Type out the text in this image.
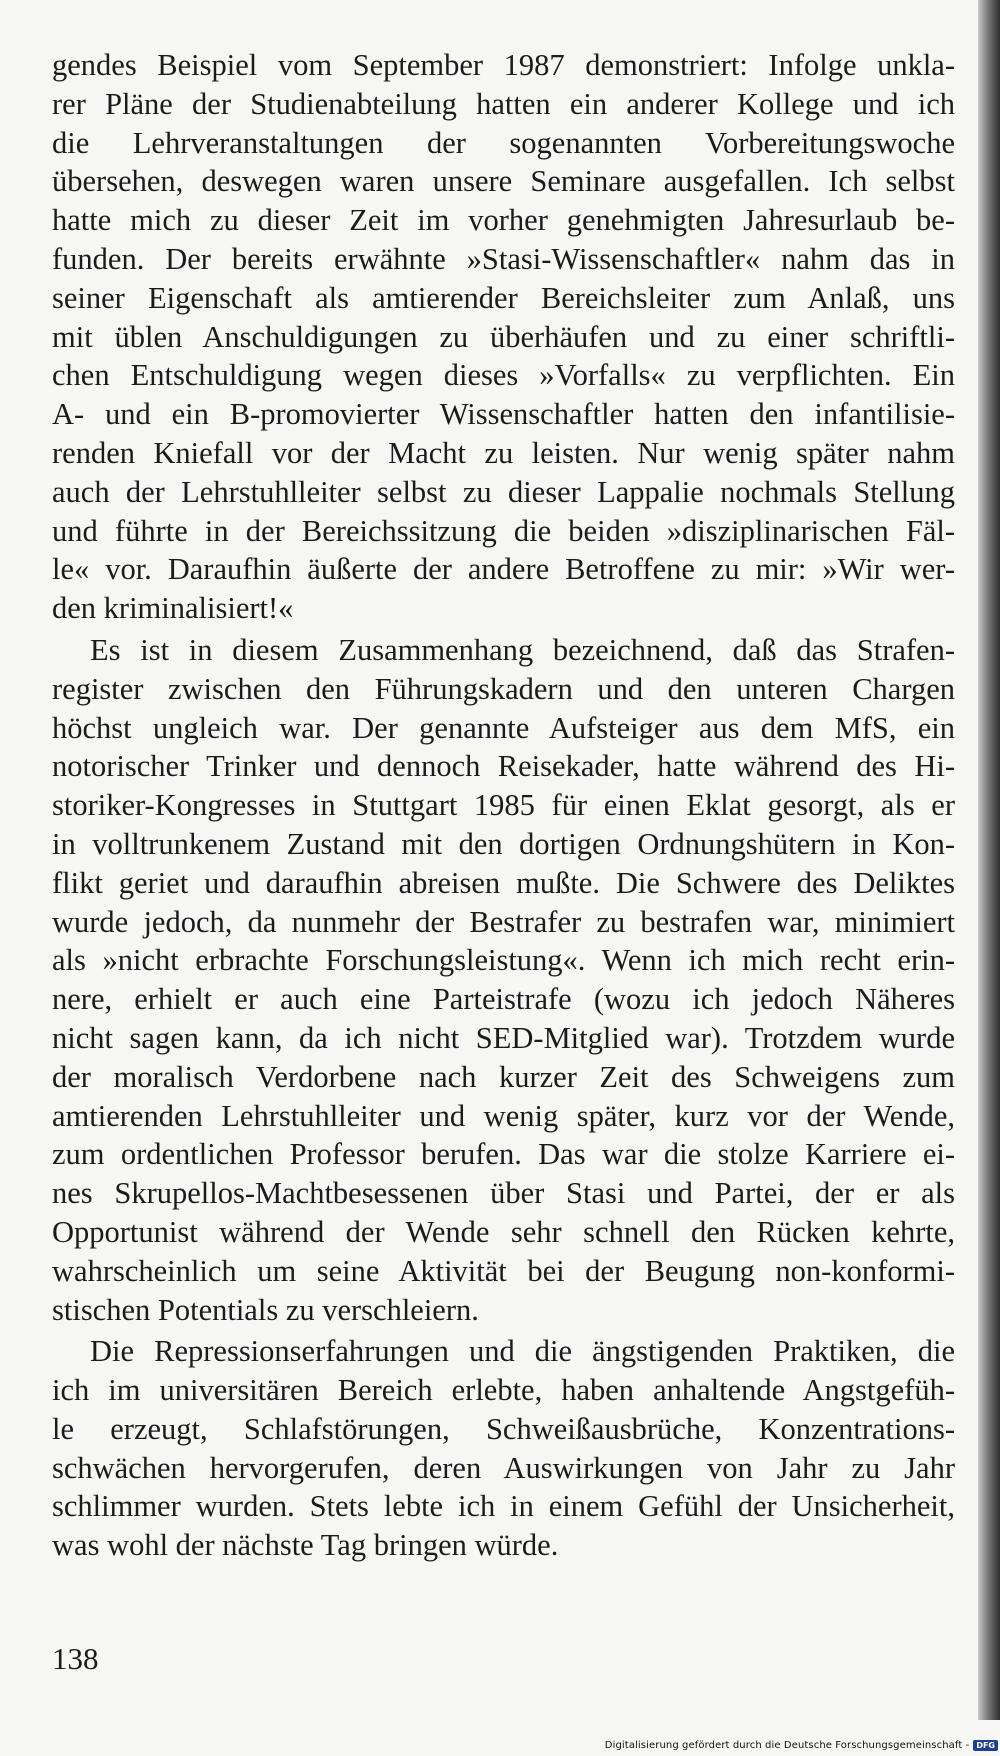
gendes Beispiel vom September 1987 demonstriert: Infolge unkla-
rer Pläne der Studienabteilung hatten ein anderer Kollege und ich
die Lehrveranstaltungen der sogenannten Vorbereitungswoche
übersehen, deswegen waren unsere Seminare ausgefallen. Ich selbst
hatte mich zu dieser Zeit im vorher genehmigten Jahresurlaub be-
funden. Der bereits erwähnte »Stasi-Wissenschaftler« nahm das in
seiner Eigenschaft als amtierender Bereichsleiter zum Anlaß, uns
mit üblen Anschuldigungen zu überhäufen und zu einer schriftli-
chen Entschuldigung wegen dieses »Vorfalls« zu verpflichten. Ein
A- und ein B-promovierter Wissenschaftler hatten den infantilisie-
renden Kniefall vor der Macht zu leisten. Nur wenig später nahm
auch der Lehrstuhlleiter selbst zu dieser Lappalie nochmals Stellung
und führte in der Bereichssitzung die beiden »disziplinarischen Fäl-
le« vor. Daraufhin äußerte der andere Betroffene zu mir: »Wir wer-
den kriminalisiert!«
Es ist in diesem Zusammenhang bezeichnend, daß das Strafen-
register zwischen den Führungskadern und den unteren Chargen
höchst ungleich war. Der genannte Aufsteiger aus dem MfS, ein
notorischer Trinker und dennoch Reisekader, hatte während des Hi-
storiker-Kongresses in Stuttgart 1985 für einen Eklat gesorgt, als er
in volltrunkenem Zustand mit den dortigen Ordnungshütern in Kon-
flikt geriet und daraufhin abreisen mußte. Die Schwere des Deliktes
wurde jedoch, da nunmehr der Bestrafer zu bestrafen war, minimiert
als »nicht erbrachte Forschungsleistung«. Wenn ich mich recht erin-
nere, erhielt er auch eine Parteistrafe (wozu ich jedoch Näheres
nicht sagen kann, da ich nicht SED-Mitglied war). Trotzdem wurde
der moralisch Verdorbene nach kurzer Zeit des Schweigens zum
amtierenden Lehrstuhlleiter und wenig später, kurz vor der Wende,
zum ordentlichen Professor berufen. Das war die stolze Karriere ei-
nes Skrupellos-Machtbesessenen über Stasi und Partei, der er als
Opportunist während der Wende sehr schnell den Rücken kehrte,
wahrscheinlich um seine Aktivität bei der Beugung non-konformi-
stischen Potentials zu verschleiern.
Die Repressionserfahrungen und die ängstigenden Praktiken, die
ich im universitären Bereich erlebte, haben anhaltende Angstgefüh-
le erzeugt, Schlafstörungen, Schweißausbrüche, Konzentrations-
schwächen hervorgerufen, deren Auswirkungen von Jahr zu Jahr
schlimmer wurden. Stets lebte ich in einem Gefühl der Unsicherheit,
was wohl der nächste Tag bringen würde.
138
Digitalisierung gefördert durch die Deutsche Forschungsgemeinschaft - DFG
